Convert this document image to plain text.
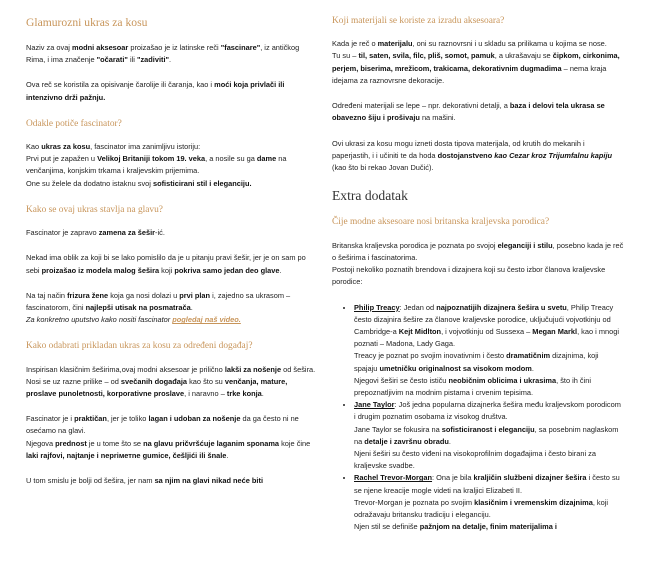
Glamurozni ukras za kosu

Naziv za ovaj modni aksesoar proizašao je iz latinske reči "fascinare", iz antičkog Rima, i ima značenje "očarati" ili "zadiviti".

Ova reč se koristila za opisivanje čarolije ili čaranja, kao i moći koja privlači ili intenzivno drži pažnju.

Odakle potiče fascinator?

Kao ukras za kosu, fascinator ima zanimljivu istoriju:
Prvi put je zapažen u Velikoj Britaniji tokom 19. veka, a nosile su ga dame na venčanjima, konjskim trkama i kraljevskim prijemima.
One su želele da dodatno istaknu svoj sofisticirani stil i eleganciju.

Kako se ovaj ukras stavlja na glavu?

Fascinator je zapravo zamena za šešir-ić.

Nekad ima oblik za koji bi se lako pomislilo da je u pitanju pravi šešir, jer je on sam po sebi proizašao iz modela malog šešira koji pokriva samo jedan deo glave.

Na taj način frizura žene koja ga nosi dolazi u prvi plan i, zajedno sa ukrasom – fascinatorom, čini najlepši utisak na posmatrača.
Za konkretno uputstvo kako nositi fascinator pogledaj naš video.

Kako odabrati prikladan ukras za kosu za određeni događaj?

Inspirisan klasičnim šeširima,ovaj modni aksesoar je prilično lakši za nošenje od šešira.
Nosi se uz razne prilike – od svečanih događaja kao što su venčanja, mature, proslave punoletnosti, korporativne proslave, i naravno – trke konja.

Fascinator je i praktičan, jer je toliko lagan i udoban za nošenje da ga često ni ne osećamo na glavi.
Njegova prednost je u tome što se na glavu pričvršćuje laganim sponama koje čine laki rajfovi, najtanje i nepriметne gumice, češljići ili šnale.

U tom smislu je bolji od šešira, jer nam sa njim na glavi nikad neće biti

Koji materijali se koriste za izradu aksesoara?

Kada je reč o materijalu, oni su raznovrsni i u skladu sa prilikama u kojima se nose.
Tu su – til, saten, svila, filc, pliš, somot, pamuk, a ukrašavaju se čipkom, cirkonima, perjem, biserima, mrežicom, trakicama, dekorativnim dugmadima – nema kraja idejama za raznovrsne dekoracije.

Određeni materijali se lepe – npr. dekorativni detalji, a baza i delovi tela ukrasa se obavezno šiju i prošivaju na mašini.

Ovi ukrasi za kosu mogu izneti dosta tipova materijala, od krutih do mekanih i paperjastih, i i učiniti te da hoda dostojanstveno kao Cezar kroz Trijumfalnu kapiju (kao što bi rekao Jovan Dučić).

Extra dodatak
Čije modne aksesoare nosi britanska kraljevska porodica?

Britanska kraljevska porodica je poznata po svojoj eleganciji i stilu, posebno kada je reč o šeširima i fascinatorima.
Postoji nekoliko poznatih brendova i dizajnera koji su često izbor članova kraljevske porodice:

• Philip Treacy: Jedan od najpoznatijih dizajnera šešira u svetu, Philip Treacy često dizajnira šešire za članove kraljevske porodice, uključujući vojvotkinju od Cambridge-a Kejt Midlton, i vojvotkinju od Sussexa – Megan Markl, kao i mnogi poznati – Madona, Lady Gaga.
Treacy je poznat po svojim inovativnim i često dramatičnim dizajnima, koji spajaju umetničku originalnost sa visokom modom.
Njegovi šeširi se često ističu neobičnim oblicima i ukrasima, što ih čini prepoznatljivim na modnim pistama i crvenim tepisima.
• Jane Taylor: Još jedna popularna dizajnerka šešira među kraljevskom porodicom i drugim poznatim osobama iz visokog društva.
Jane Taylor se fokusira na sofisticiranost i eleganciju, sa posebnim naglaskom na detalje i završnu obradu.
Njeni šeširi su često viđeni na visokoprofilnim događajima i često birani za kraljevske svadbe.
• Rachel Trevor-Morgan: Ona je bila kraljičin službeni dizajner šešira i često su se njene kreacije mogle videti na kraljici Elizabeti II.
Trevor-Morgan je poznata po svojim klasičnim i vremenskim dizajnima, koji odražavaju britansku tradiciju i eleganciju.
Njen stil se definiše pažnjom na detalje, finim materijalima i
